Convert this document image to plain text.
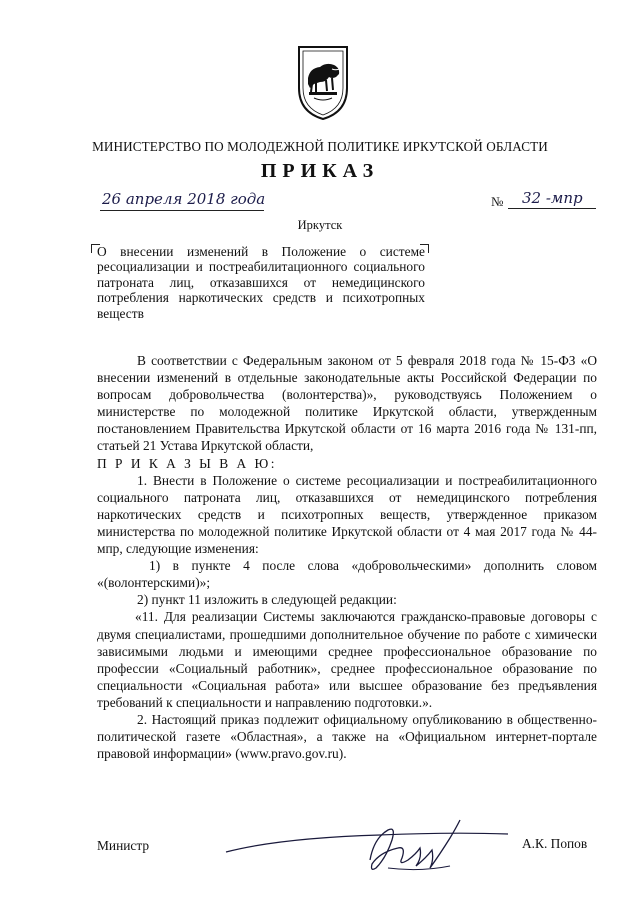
МИНИСТЕРСТВО ПО МОЛОДЕЖНОЙ ПОЛИТИКЕ ИРКУТСКОЙ ОБЛАСТИ
ПРИКАЗ
26 апреля 2018 года	№ 32 -мпр
Иркутск
О внесении изменений в Положение о системе ресоциализации и постреабилитационного социального патроната лиц, отказавшихся от немедицинского потребления наркотических средств и психотропных веществ

В соответствии с Федеральным законом от 5 февраля 2018 года № 15-ФЗ «О внесении изменений в отдельные законодательные акты Российской Федерации по вопросам добровольчества (волонтерства)», руководствуясь Положением о министерстве по молодежной политике Иркутской области, утвержденным постановлением Правительства Иркутской области от 16 марта 2016 года № 131-пп, статьей 21 Устава Иркутской области,

П Р И К А З Ы В А Ю:

1. Внести в Положение о системе ресоциализации и постреабилитационного социального патроната лиц, отказавшихся от немедицинского потребления наркотических средств и психотропных веществ, утвержденное приказом министерства по молодежной политике Иркутской области от 4 мая 2017 года № 44-мпр, следующие изменения:

1) в пункте 4 после слова «добровольческими» дополнить словом «(волонтерскими)»;

2) пункт 11 изложить в следующей редакции:

«11. Для реализации Системы заключаются гражданско-правовые договоры с двумя специалистами, прошедшими дополнительное обучение по работе с химически зависимыми людьми и имеющими среднее профессиональное образование по профессии «Социальный работник», среднее профессиональное образование по специальности «Социальная работа» или высшее образование без предъявления требований к специальности и направлению подготовки.».

2. Настоящий приказ подлежит официальному опубликованию в общественно-политической газете «Областная», а также на «Официальном интернет-портале правовой информации» (www.pravo.gov.ru).

Министр	А.К. Попов
